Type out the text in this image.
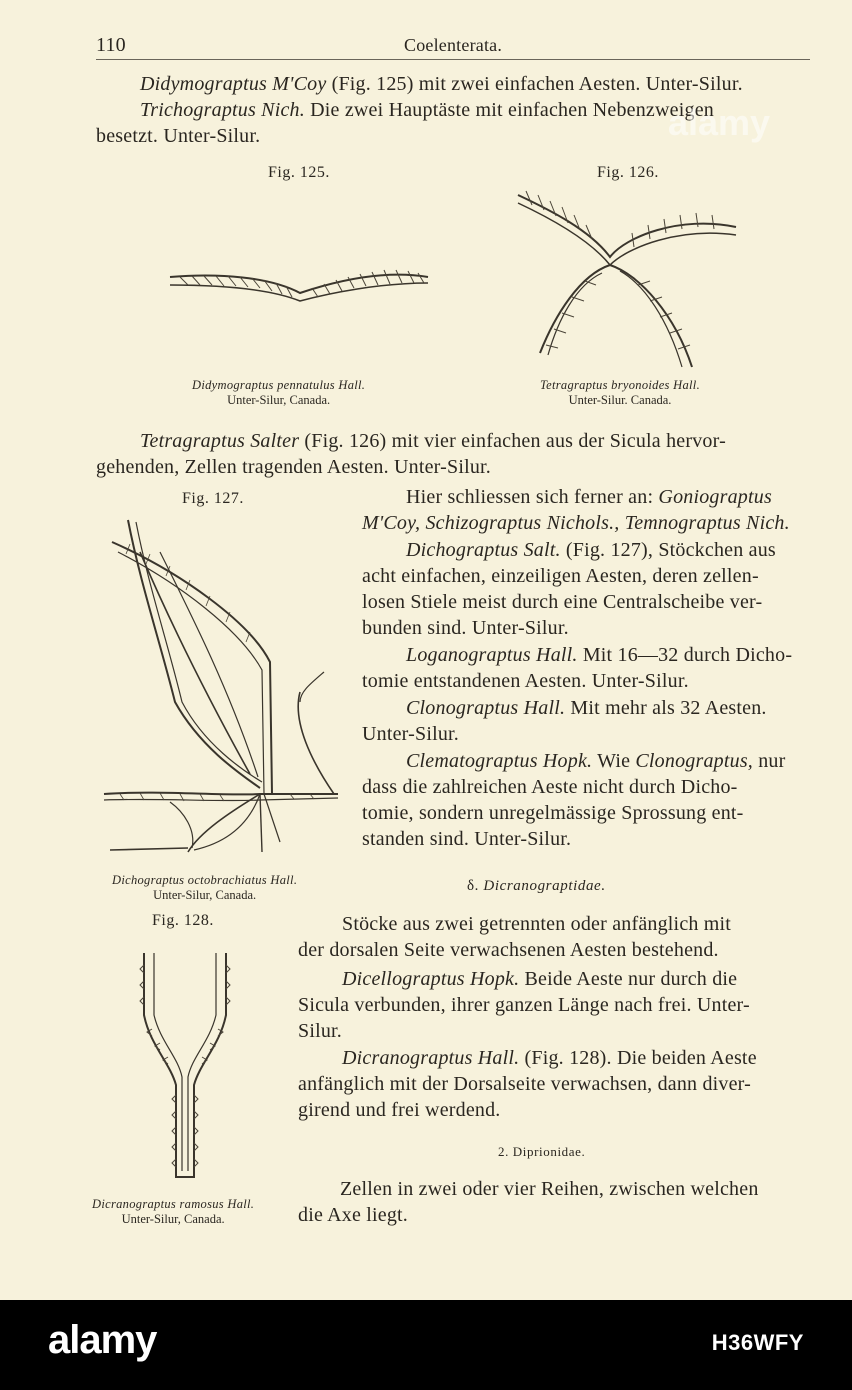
110	Coelenterata.
Didymograptus M'Coy (Fig. 125) mit zwei einfachen Aesten. Unter-Silur.
Trichograptus Nich. Die zwei Hauptäste mit einfachen Nebenzweigen
besetzt. Unter-Silur.
Fig. 125.	Fig. 126.
Didymograptus pennatulus Hall.
Unter-Silur, Canada.
Tetragraptus bryonoides Hall.
Unter-Silur. Canada.
Tetragraptus Salter (Fig. 126) mit vier einfachen aus der Sicula hervor-
gehenden, Zellen tragenden Aesten. Unter-Silur.
Fig. 127.
Dichograptus octobrachiatus Hall.
Unter-Silur, Canada.
Hier schliessen sich ferner an: Goniograptus
M'Coy, Schizograptus Nichols., Temnograptus Nich.
Dichograptus Salt. (Fig. 127), Stöckchen aus
acht einfachen, einzeiligen Aesten, deren zellen-
losen Stiele meist durch eine Centralscheibe ver-
bunden sind. Unter-Silur.
Loganograptus Hall. Mit 16—32 durch Dicho-
tomie entstandenen Aesten. Unter-Silur.
Clonograptus Hall. Mit mehr als 32 Aesten.
Unter-Silur.
Clematograptus Hopk. Wie Clonograptus, nur
dass die zahlreichen Aeste nicht durch Dicho-
tomie, sondern unregelmässige Sprossung ent-
standen sind. Unter-Silur.
δ. Dicranograptidae.
Fig. 128.
Dicranograptus ramosus Hall.
Unter-Silur, Canada.
Stöcke aus zwei getrennten oder anfänglich mit
der dorsalen Seite verwachsenen Aesten bestehend.
Dicellograptus Hopk. Beide Aeste nur durch die
Sicula verbunden, ihrer ganzen Länge nach frei. Unter-
Silur.
Dicranograptus Hall. (Fig. 128). Die beiden Aeste
anfänglich mit der Dorsalseite verwachsen, dann diver-
girend und frei werdend.
2. Diprionidae.
Zellen in zwei oder vier Reihen, zwischen welchen
die Axe liegt.
alamy
alamy	H36WFY
